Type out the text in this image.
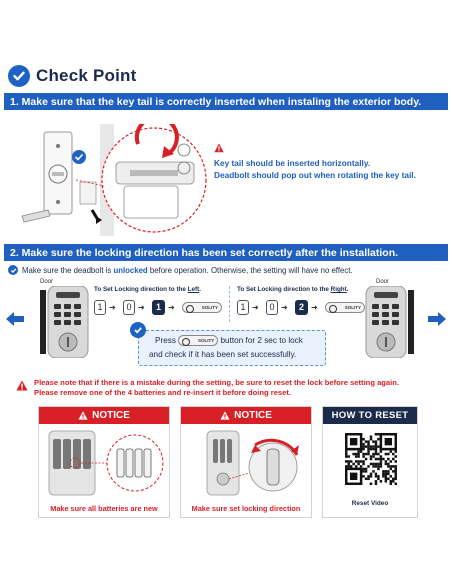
Check Point
1. Make sure that the key tail is correctly inserted when instaling the exterior body.
Key tail should be inserted horizontally.
Deadbolt should pop out when rotating the key tail.
2. Make sure the locking direction has been set correctly after the installation.
Make sure the deadbolt is unlocked before operation. Otherwise, the setting will have no effect.
Door	Door
To Set Locking direction to the Left.	To Set Locking direction to the Right.
1 ➜	0 ➜	1 ➜	SOLITY	1 ➜	0 ➜	2 ➜	SOLITY
Press	SOLITY button for 2 sec to lock
and check if it has been set successfully.
Please note that if there is a mistake during the setting, be sure to reset the lock before setting again.
Please remove one of the 4 batteries and re-insert it before doing reset.
NOTICE
Make sure all batteries are new
NOTICE
Make sure set locking direction
HOW TO RESET
Reset Video
